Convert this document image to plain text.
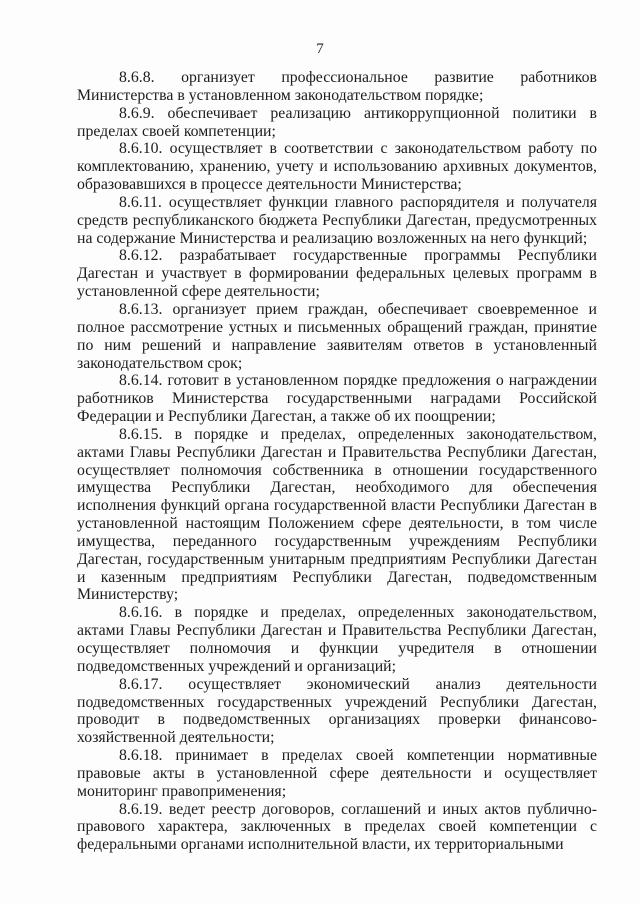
7

8.6.8. организует профессиональное развитие работников Министерства в установленном законодательством порядке;

8.6.9. обеспечивает реализацию антикоррупционной политики в пределах своей компетенции;

8.6.10. осуществляет в соответствии с законодательством работу по комплектованию, хранению, учету и использованию архивных документов, образовавшихся в процессе деятельности Министерства;

8.6.11. осуществляет функции главного распорядителя и получателя средств республиканского бюджета Республики Дагестан, предусмотренных на содержание Министерства и реализацию возложенных на него функций;

8.6.12. разрабатывает государственные программы Республики Дагестан и участвует в формировании федеральных целевых программ в установленной сфере деятельности;

8.6.13. организует прием граждан, обеспечивает своевременное и полное рассмотрение устных и письменных обращений граждан, принятие по ним решений и направление заявителям ответов в установленный законодательством срок;

8.6.14. готовит в установленном порядке предложения о награждении работников Министерства государственными наградами Российской Федерации и Республики Дагестан, а также об их поощрении;

8.6.15. в порядке и пределах, определенных законодательством, актами Главы Республики Дагестан и Правительства Республики Дагестан, осуществляет полномочия собственника в отношении государственного имущества Республики Дагестан, необходимого для обеспечения исполнения функций органа государственной власти Республики Дагестан в установленной настоящим Положением сфере деятельности, в том числе имущества, переданного государственным учреждениям Республики Дагестан, государственным унитарным предприятиям Республики Дагестан и казенным предприятиям Республики Дагестан, подведомственным Министерству;

8.6.16. в порядке и пределах, определенных законодательством, актами Главы Республики Дагестан и Правительства Республики Дагестан, осуществляет полномочия и функции учредителя в отношении подведомственных учреждений и организаций;

8.6.17. осуществляет экономический анализ деятельности подведомственных государственных учреждений Республики Дагестан, проводит в подведомственных организациях проверки финансово-хозяйственной деятельности;

8.6.18. принимает в пределах своей компетенции нормативные правовые акты в установленной сфере деятельности и осуществляет мониторинг правоприменения;

8.6.19. ведет реестр договоров, соглашений и иных актов публично-правового характера, заключенных в пределах своей компетенции с федеральными органами исполнительной власти, их территориальными
